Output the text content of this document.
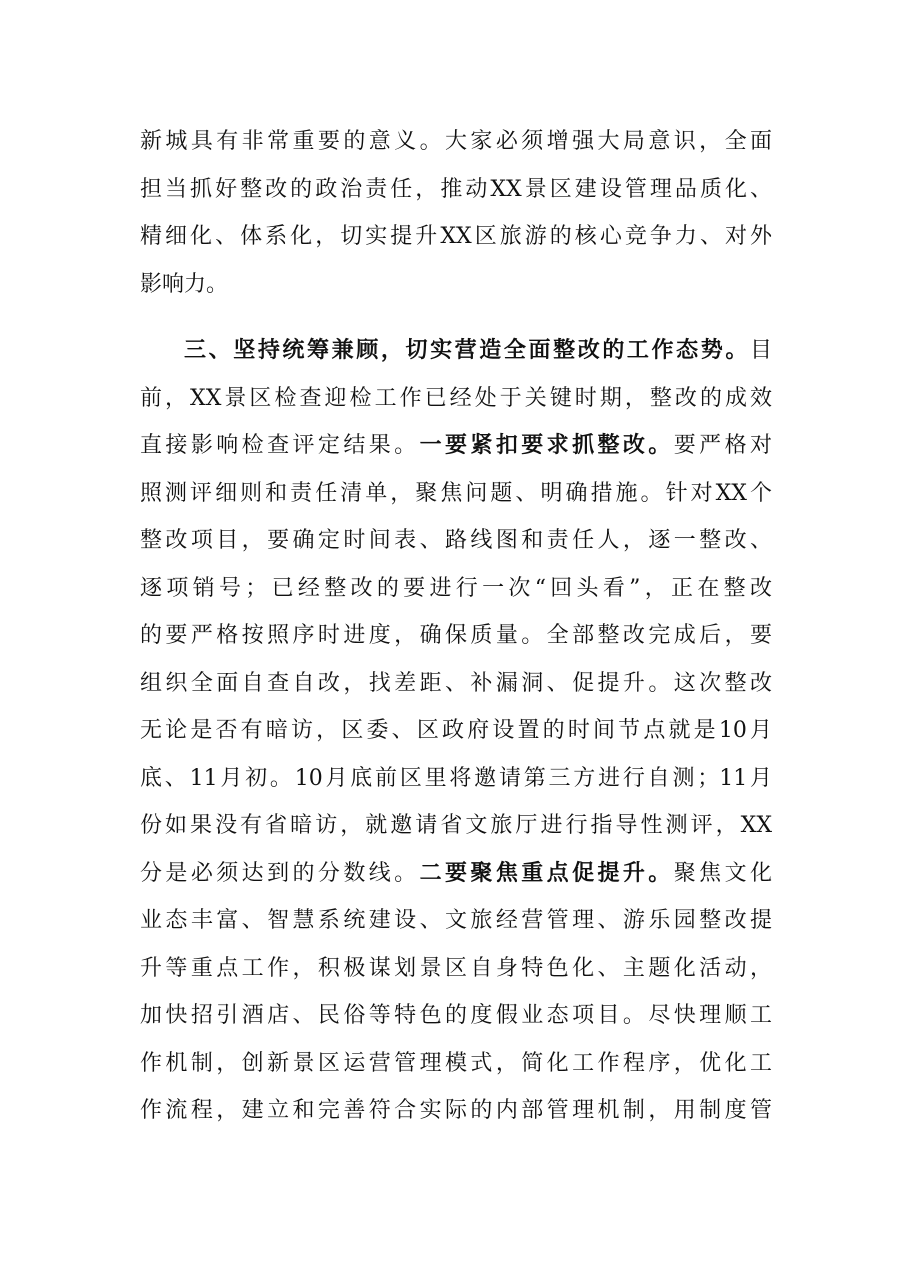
新城具有非常重要的意义。大家必须增强大局意识，全面
担当抓好整改的政治责任，推动XX景区建设管理品质化、
精细化、体系化，切实提升XX区旅游的核心竞争力、对外
影响力。
三、坚持统筹兼顾，切实营造全面整改的工作态势。目
前，XX景区检查迎检工作已经处于关键时期，整改的成效
直接影响检查评定结果。一要紧扣要求抓整改。要严格对
照测评细则和责任清单，聚焦问题、明确措施。针对XX个
整改项目，要确定时间表、路线图和责任人，逐一整改、
逐项销号；已经整改的要进行一次“回头看”，正在整改
的要严格按照序时进度，确保质量。全部整改完成后，要
组织全面自查自改，找差距、补漏洞、促提升。这次整改
无论是否有暗访，区委、区政府设置的时间节点就是10月
底、11月初。10月底前区里将邀请第三方进行自测；11月
份如果没有省暗访，就邀请省文旅厅进行指导性测评，XX
分是必须达到的分数线。二要聚焦重点促提升。聚焦文化
业态丰富、智慧系统建设、文旅经营管理、游乐园整改提
升等重点工作，积极谋划景区自身特色化、主题化活动，
加快招引酒店、民俗等特色的度假业态项目。尽快理顺工
作机制，创新景区运营管理模式，简化工作程序，优化工
作流程，建立和完善符合实际的内部管理机制，用制度管
